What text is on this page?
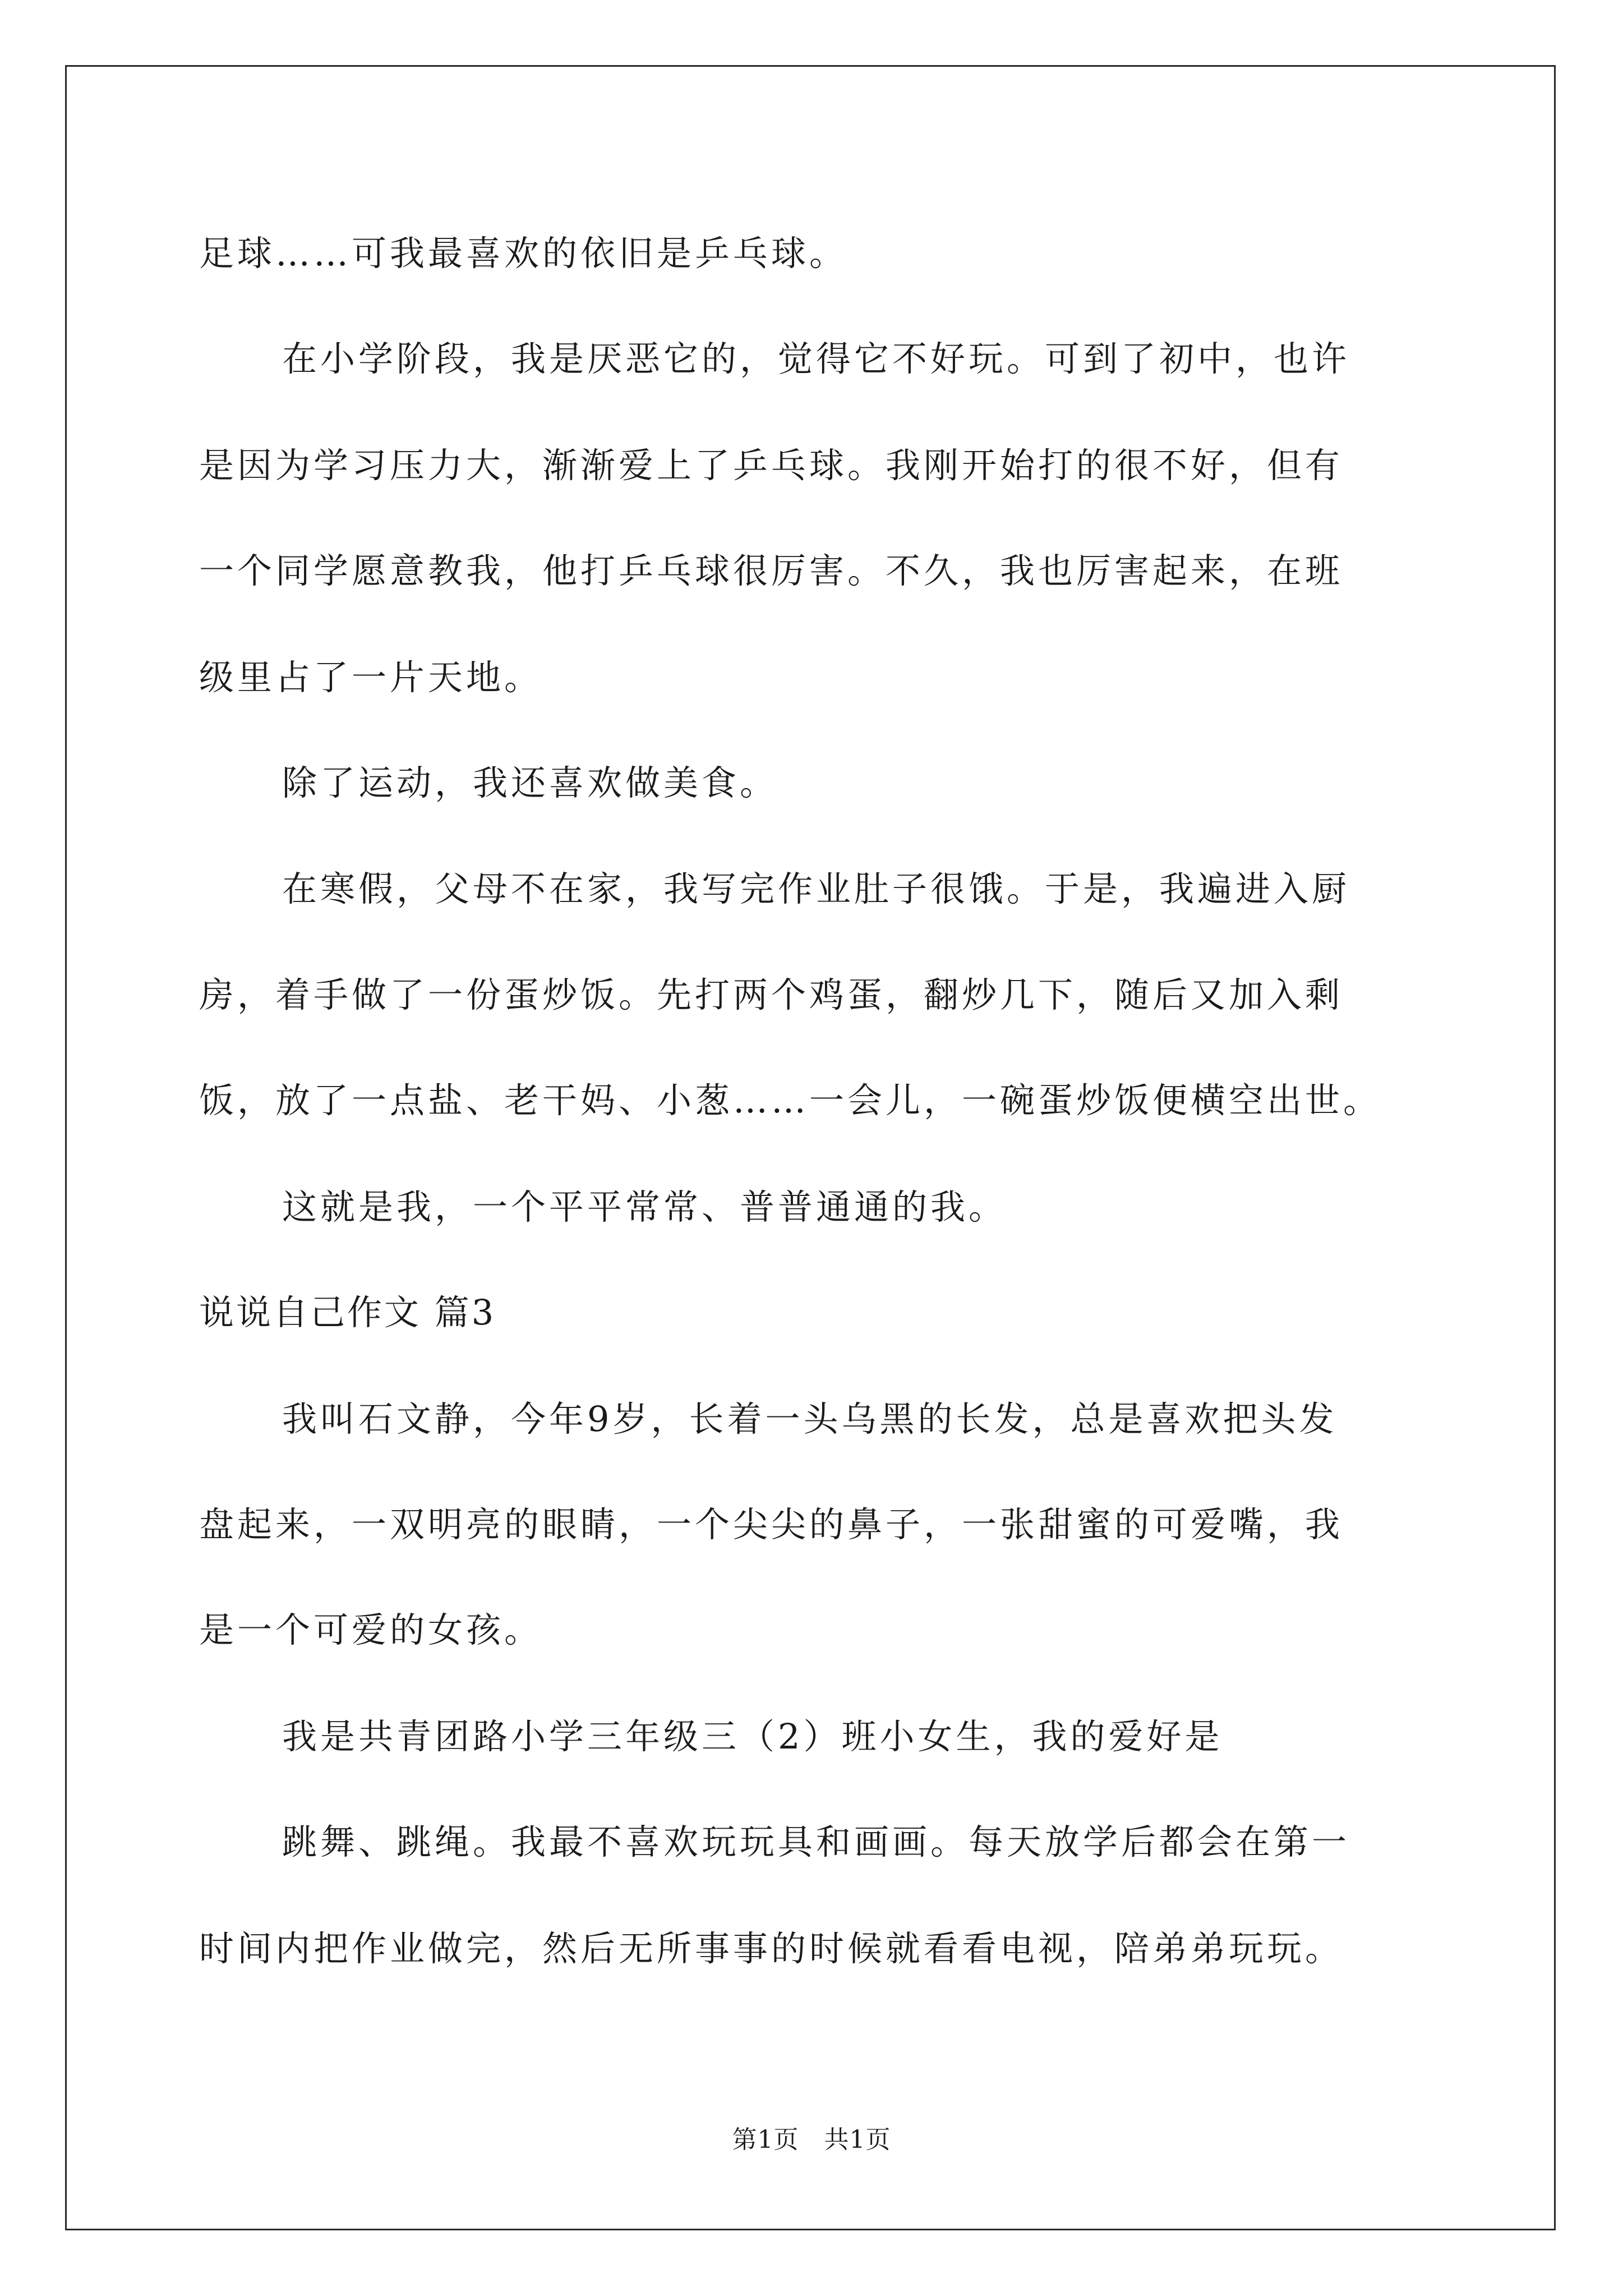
足球……可我最喜欢的依旧是乒乓球。
在小学阶段，我是厌恶它的，觉得它不好玩。可到了初中，也许
是因为学习压力大，渐渐爱上了乒乓球。我刚开始打的很不好，但有
一个同学愿意教我，他打乒乓球很厉害。不久，我也厉害起来，在班
级里占了一片天地。
除了运动，我还喜欢做美食。
在寒假，父母不在家，我写完作业肚子很饿。于是，我遍进入厨
房，着手做了一份蛋炒饭。先打两个鸡蛋，翻炒几下，随后又加入剩
饭，放了一点盐、老干妈、小葱……一会儿，一碗蛋炒饭便横空出世。
这就是我，一个平平常常、普普通通的我。
说说自己作文 篇3
我叫石文静，今年9岁，长着一头乌黑的长发，总是喜欢把头发
盘起来，一双明亮的眼睛，一个尖尖的鼻子，一张甜蜜的可爱嘴，我
是一个可爱的女孩。
我是共青团路小学三年级三（2）班小女生，我的爱好是
跳舞、跳绳。我最不喜欢玩玩具和画画。每天放学后都会在第一
时间内把作业做完，然后无所事事的时候就看看电视，陪弟弟玩玩。
第1页　共1页
